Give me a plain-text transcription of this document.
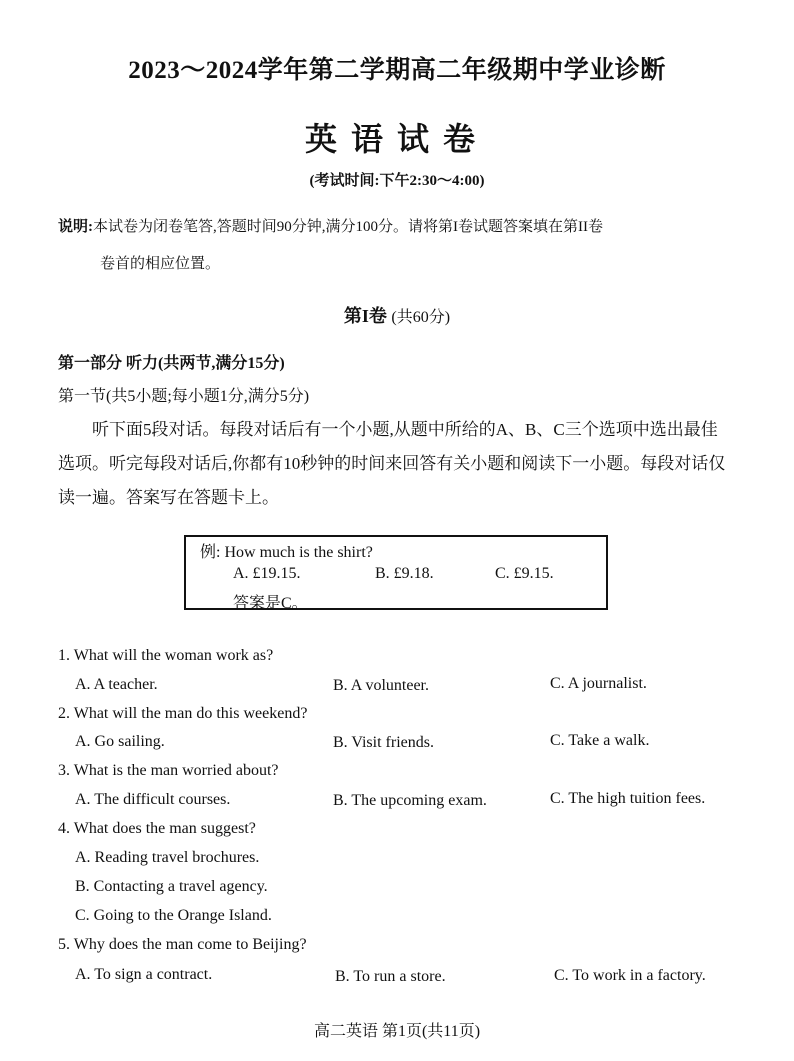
2023～2024学年第二学期高二年级期中学业诊断
英语试卷
(考试时间:下午2:30～4:00)
说明:本试卷为闭卷笔答,答题时间90分钟,满分100分。请将第I卷试题答案填在第II卷
卷首的相应位置。
第I卷 (共60分)
第一部分 听力(共两节,满分15分)
第一节(共5小题;每小题1分,满分5分)
听下面5段对话。每段对话后有一个小题,从题中所给的A、B、C三个选项中选出最佳选项。听完每段对话后,你都有10秒钟的时间来回答有关小题和阅读下一小题。每段对话仅读一遍。答案写在答题卡上。
例: How much is the shirt?
A. £19.15.	B. £9.18.	C. £9.15.
答案是C。
1. What will the woman work as?
A. A teacher.	B. A volunteer.	C. A journalist.
2. What will the man do this weekend?
A. Go sailing.	B. Visit friends.	C. Take a walk.
3. What is the man worried about?
A. The difficult courses.	B. The upcoming exam.	C. The high tuition fees.
4. What does the man suggest?
A. Reading travel brochures.
B. Contacting a travel agency.
C. Going to the Orange Island.
5. Why does the man come to Beijing?
A. To sign a contract.	B. To run a store.	C. To work in a factory.
高二英语 第1页(共11页)
